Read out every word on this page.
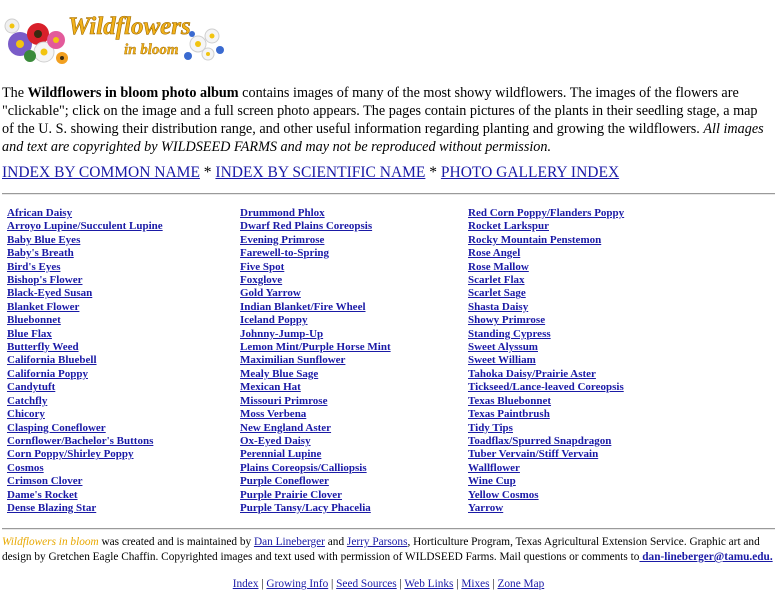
Wildflowers
in bloom
The Wildflowers in bloom photo album contains images of many of the most showy wildflowers. The images of the flowers are "clickable"; click on the image and a full screen photo appears. The pages contain pictures of the plants in their seedling stage, a map of the U. S. showing their distribution range, and other useful information regarding planting and growing the wildflowers. All images and text are copyrighted by WILDSEED FARMS and may not be reproduced without permission.
INDEX BY COMMON NAME * INDEX BY SCIENTIFIC NAME * PHOTO GALLERY INDEX
African Daisy
Arroyo Lupine/Succulent Lupine
Baby Blue Eyes
Baby's Breath
Bird's Eyes
Bishop's Flower
Black-Eyed Susan
Blanket Flower
Bluebonnet
Blue Flax
Butterfly Weed
California Bluebell
California Poppy
Candytuft
Catchfly
Chicory
Clasping Coneflower
Cornflower/Bachelor's Buttons
Corn Poppy/Shirley Poppy
Cosmos
Crimson Clover
Dame's Rocket
Dense Blazing Star
Drummond Phlox
Dwarf Red Plains Coreopsis
Evening Primrose
Farewell-to-Spring
Five Spot
Foxglove
Gold Yarrow
Indian Blanket/Fire Wheel
Iceland Poppy
Johnny-Jump-Up
Lemon Mint/Purple Horse Mint
Maximilian Sunflower
Mealy Blue Sage
Mexican Hat
Missouri Primrose
Moss Verbena
New England Aster
Ox-Eyed Daisy
Perennial Lupine
Plains Coreopsis/Calliopsis
Purple Coneflower
Purple Prairie Clover
Purple Tansy/Lacy Phacelia
Red Corn Poppy/Flanders Poppy
Rocket Larkspur
Rocky Mountain Penstemon
Rose Angel
Rose Mallow
Scarlet Flax
Scarlet Sage
Shasta Daisy
Showy Primrose
Standing Cypress
Sweet Alyssum
Sweet William
Tahoka Daisy/Prairie Aster
Tickseed/Lance-leaved Coreopsis
Texas Bluebonnet
Texas Paintbrush
Tidy Tips
Toadflax/Spurred Snapdragon
Tuber Vervain/Stiff Vervain
Wallflower
Wine Cup
Yellow Cosmos
Yarrow
Wildflowers in bloom was created and is maintained by Dan Lineberger and Jerry Parsons, Horticulture Program, Texas Agricultural Extension Service. Graphic art and design by Gretchen Eagle Chaffin. Copyrighted images and text used with permission of WILDSEED Farms. Mail questions or comments to dan-lineberger@tamu.edu.
Index | Growing Info | Seed Sources | Web Links | Mixes | Zone Map
